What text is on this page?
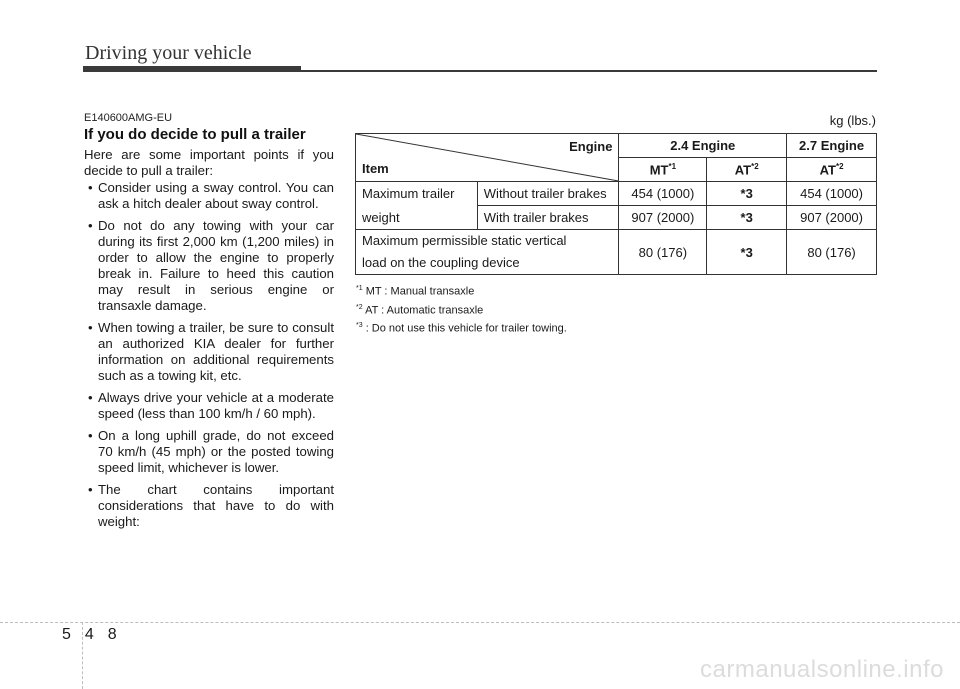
Driving your vehicle
E140600AMG-EU
If you do decide to pull a trailer

Here are some important points if you decide to pull a trailer:

• Consider using a sway control. You can ask a hitch dealer about sway control.
• Do not do any towing with your car during its first 2,000 km (1,200 miles) in order to allow the engine to properly break in. Failure to heed this caution may result in serious engine or transaxle damage.
• When towing a trailer, be sure to consult an authorized KIA dealer for further information on additional requirements such as a towing kit, etc.
• Always drive your vehicle at a moderate speed (less than 100 km/h / 60 mph).
• On a long uphill grade, do not exceed 70 km/h (45 mph) or the posted towing speed limit, whichever is lower.
• The chart contains important considerations that have to do with weight:
kg (lbs.)
Engine
Item		2.4 Engine		2.7 Engine
		MT$^{*1}$	AT$^{*2}$	AT$^{*2}$
Maximum trailer	Without trailer brakes	454 (1000)	*3	454 (1000)
weight	With trailer brakes	907 (2000)	*3	907 (2000)

Maximum permissible static vertical
load on the coupling device		80 (176)	*3	80 (176)
$^{*1}$ MT : Manual transaxle
$^{*2}$ AT : Automatic transaxle
$^{*3}$ : Do not use this vehicle for trailer towing.
548
carmanualsonline.info
